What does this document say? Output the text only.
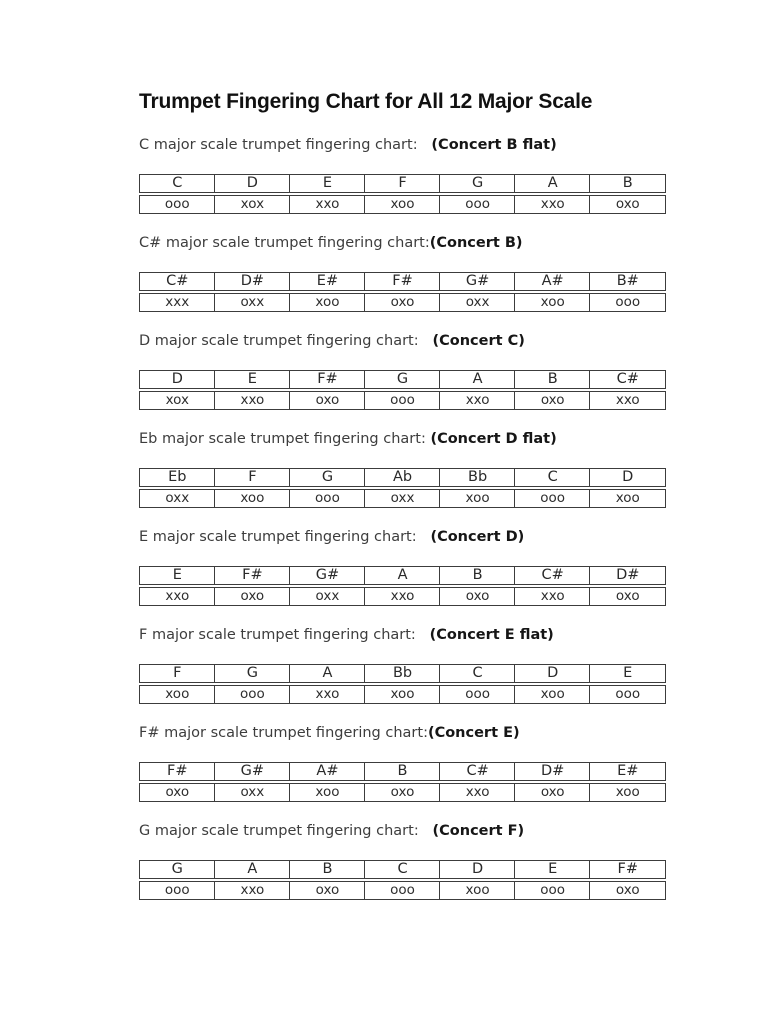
Trumpet Fingering Chart for All 12 Major Scale

C major scale trumpet fingering chart:   (Concert B flat)

C	D	E	F	G	A	B
ooo	xox	xxo	xoo	ooo	xxo	oxo

C# major scale trumpet fingering chart:(Concert B)

C#	D#	E#	F#	G#	A#	B#
xxx	oxx	xoo	oxo	oxx	xoo	ooo

D major scale trumpet fingering chart:   (Concert C)

D	E	F#	G	A	B	C#
xox	xxo	oxo	ooo	xxo	oxo	xxo

Eb major scale trumpet fingering chart: (Concert D flat)

Eb	F	G	Ab	Bb	C	D
oxx	xoo	ooo	oxx	xoo	ooo	xoo

E major scale trumpet fingering chart:   (Concert D)

E	F#	G#	A	B	C#	D#
xxo	oxo	oxx	xxo	oxo	xxo	oxo

F major scale trumpet fingering chart:   (Concert E flat)

F	G	A	Bb	C	D	E
xoo	ooo	xxo	xoo	ooo	xoo	ooo

F# major scale trumpet fingering chart:(Concert E)

F#	G#	A#	B	C#	D#	E#
oxo	oxx	xoo	oxo	xxo	oxo	xoo

G major scale trumpet fingering chart:   (Concert F)

G	A	B	C	D	E	F#
ooo	xxo	oxo	ooo	xoo	ooo	oxo
